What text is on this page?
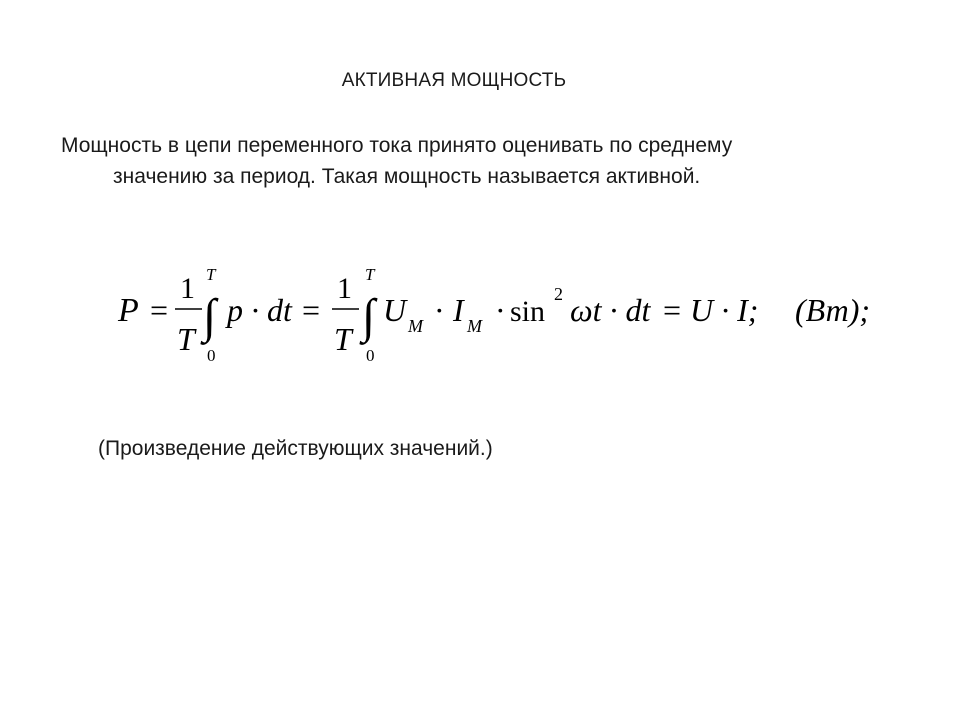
АКТИВНАЯ МОЩНОСТЬ
Мощность в цепи переменного тока принято оценивать по среднему
значению за период. Такая мощность называется активной.
P =
1
T
T
∫
0
p · dt =
1
T
T
∫
0
U M · I M · sin
2 ωt · dt = U · I; (Вт);
(Произведение действующих значений.)
